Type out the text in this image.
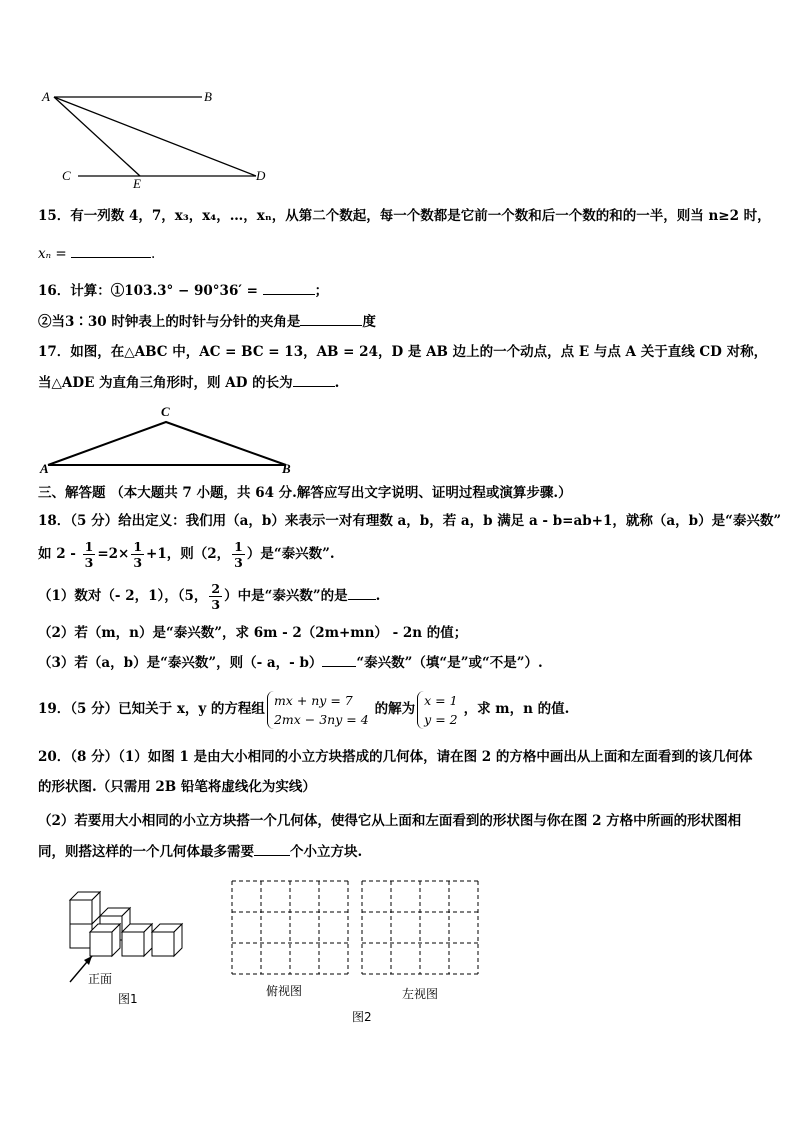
A	B
C	D
E
15．有一列数 4，7，x₃，x₄，…，xₙ，从第二个数起，每一个数都是它前一个数和后一个数的和的一半，则当 n≥2 时，
xₙ =	.
16．计算：①103.3° − 90°36′ =	；
②当3∶30 时钟表上的时针与分针的夹角是	度
17．如图，在△ABC 中，AC = BC = 13，AB = 24，D 是 AB 边上的一个动点，点 E 与点 A 关于直线 CD 对称，
当△ADE 为直角三角形时，则 AD 的长为	.
C
A	B
三、解答题 （本大题共 7 小题，共 64 分.解答应写出文字说明、证明过程或演算步骤.）
18．（5 分）给出定义：我们用（a，b）来表示一对有理数 a，b，若 a，b 满足 a - b=ab+1，就称（a，b）是“泰兴数”
如 $2 - \frac{1}{3} =2\times \frac{1}{3} +1$，则（2， $\frac{1}{3}$ ）是“泰兴数”.
（1）数对（- 2，1），（5， $\frac{2}{3}$ ）中是“泰兴数”的是 .
（2）若（m，n）是“泰兴数”，求 6m - 2（2m+mn） - 2n 的值；
（3）若（a，b）是“泰兴数”，则（- a，- b）	“泰兴数”（填“是”或“不是”）.
19．（5 分）已知关于 x，y 的方程组
mx + ny = 7
2mx − 3ny = 4
的解为
x = 1
y = 2
，求 m，n 的值.
20．（8 分）（1）如图 1 是由大小相同的小立方块搭成的几何体，请在图 2 的方格中画出从上面和左面看到的该几何体
的形状图.（只需用 2B 铅笔将虚线化为实线）
（2）若要用大小相同的小立方块搭一个几何体，使得它从上面和左面看到的形状图与你在图 2 方格中所画的形状图相
同，则搭这样的一个几何体最多需要	个小立方块.
正面
图1
俯视图	左视图
图2
